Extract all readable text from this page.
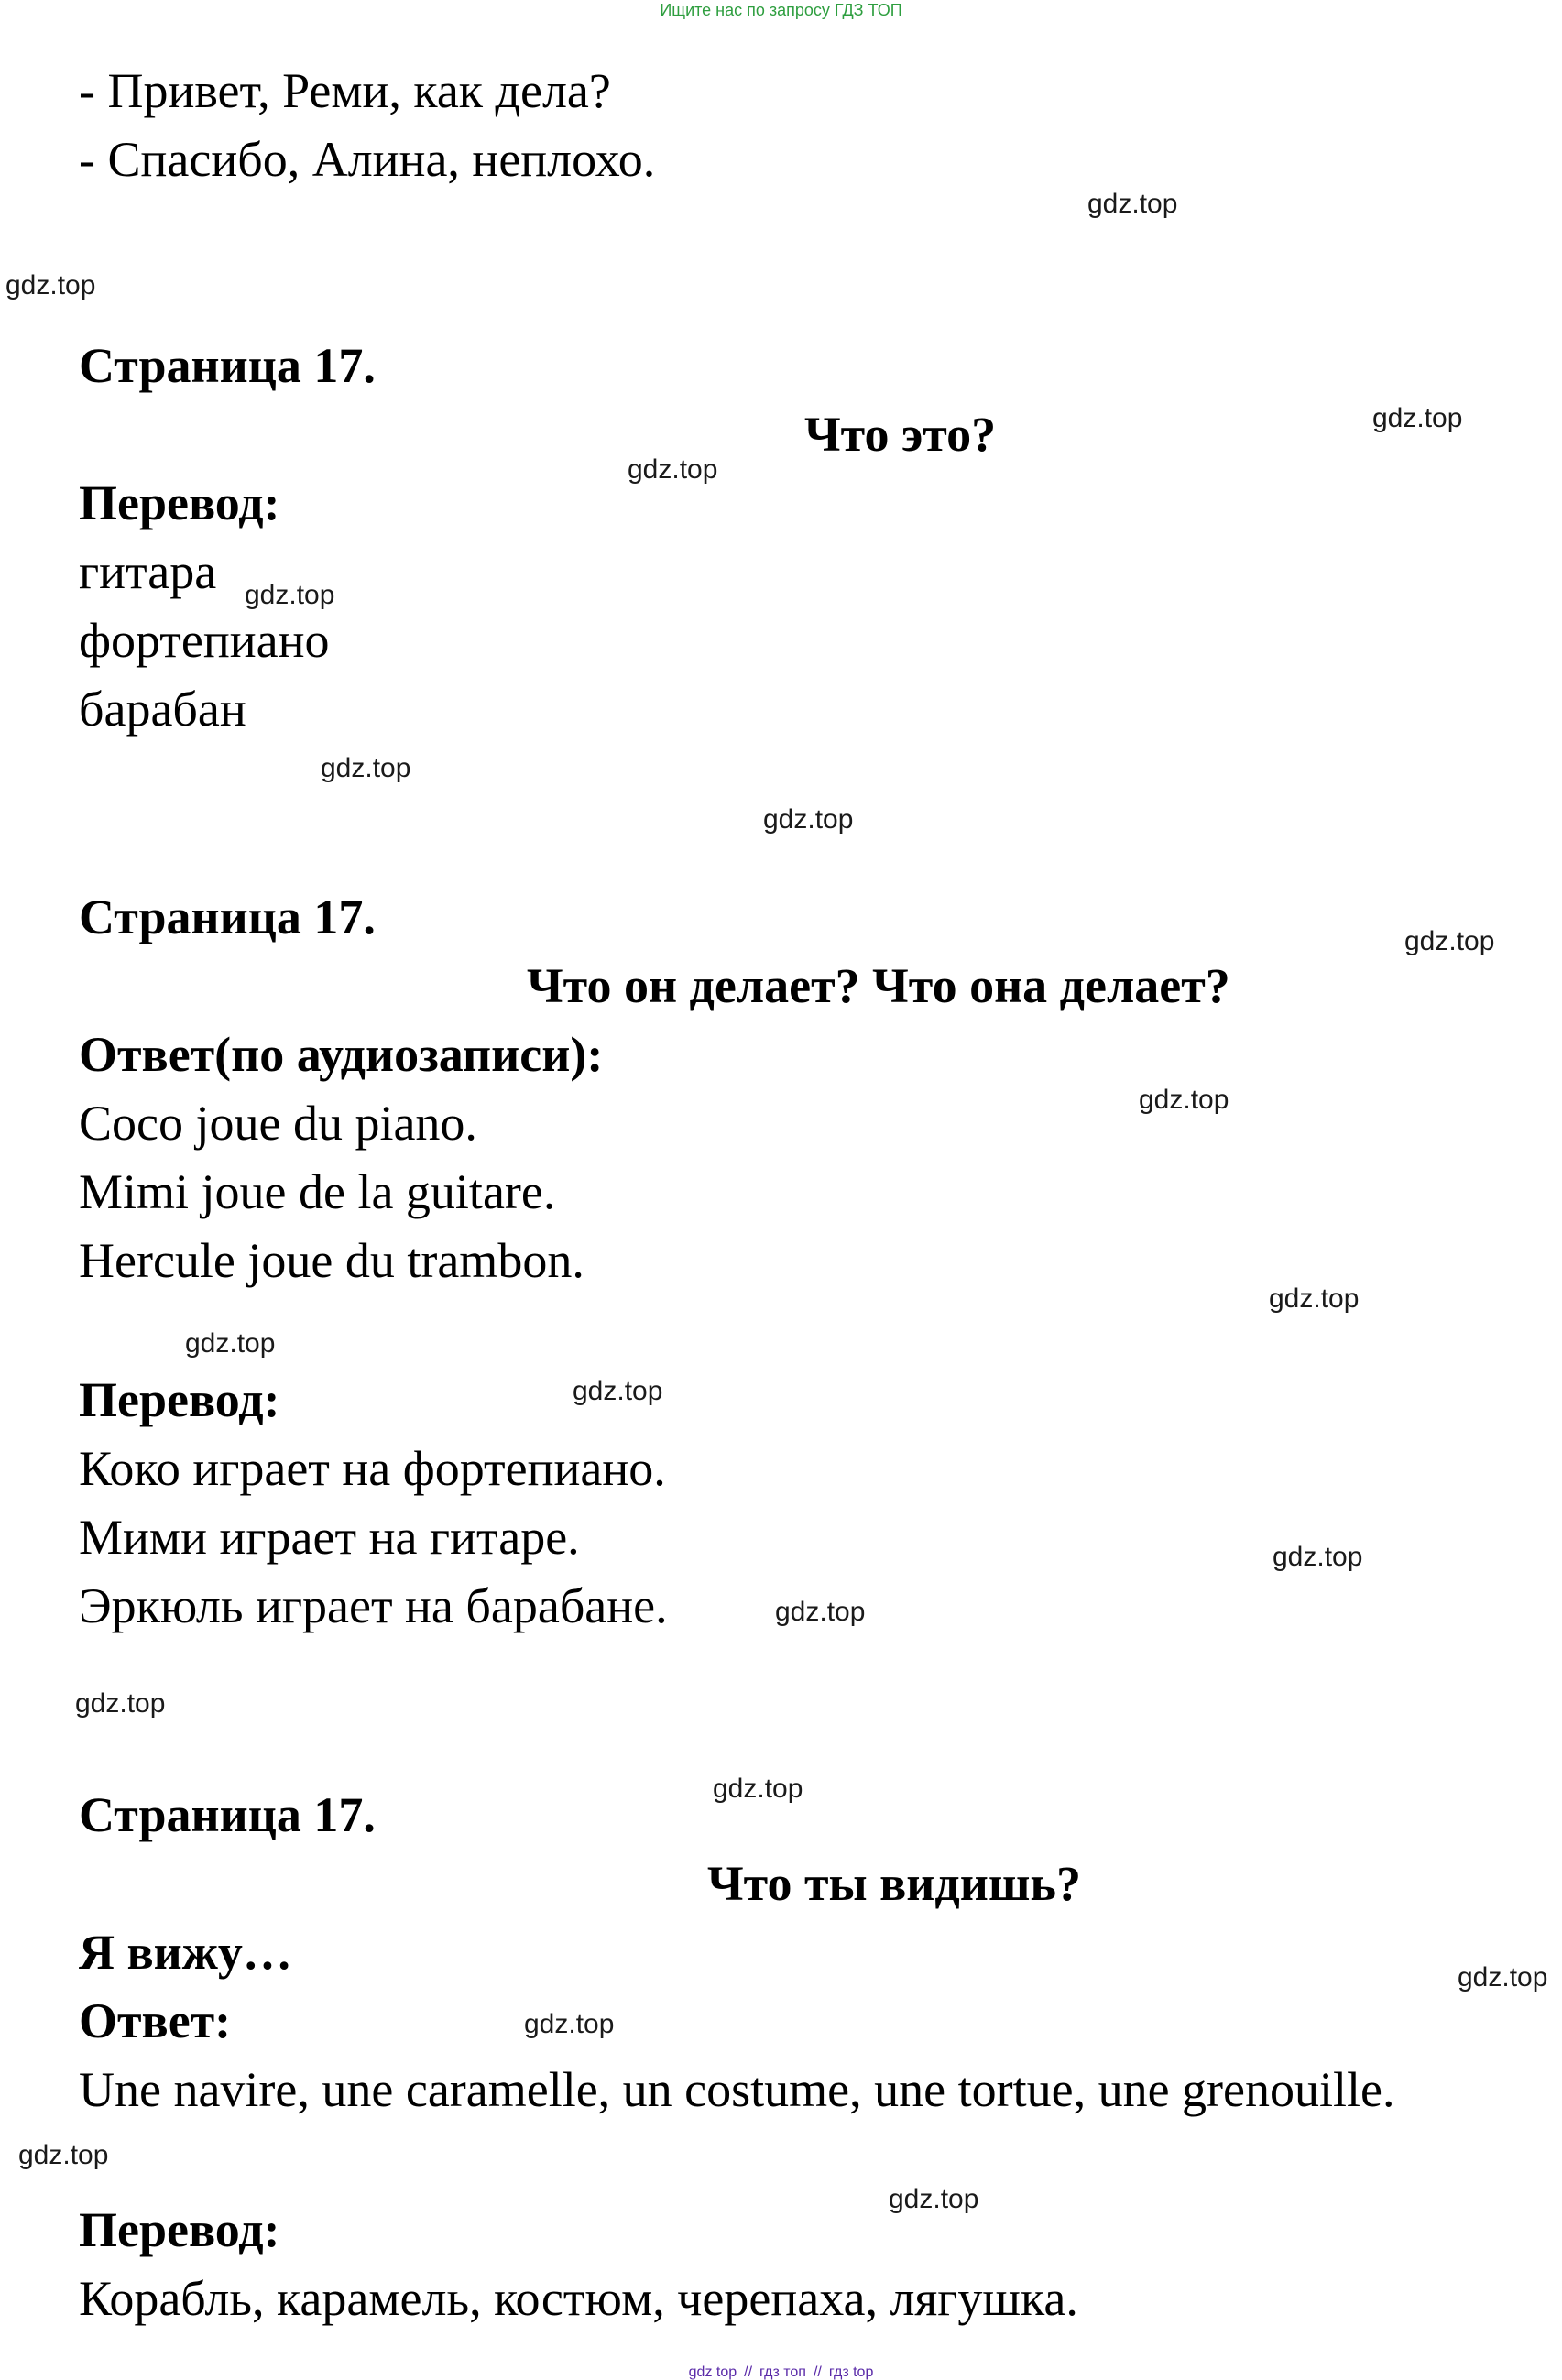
Ищите нас по запросу ГДЗ ТОП
- Привет, Реми, как дела?
- Спасибо, Алина, неплохо.
Страница 17.
Что это?
Перевод:
гитара
фортепиано
барабан
Страница 17.
Что он делает? Что она делает?
Ответ(по аудиозаписи):
Coco joue du piano.
Mimi joue de la guitare.
Hercule joue du trambon.
Перевод:
Коко играет на фортепиано.
Мими играет на гитаре.
Эркюль играет на барабане.
Страница 17.
Что ты видишь?
Я вижу…
Ответ:
Une navire, une caramelle, un costume, une tortue, une grenouille.
Перевод:
Корабль, карамель, костюм, черепаха, лягушка.
gdz.top
gdz.top
gdz.top
gdz.top
gdz.top
gdz.top
gdz.top
gdz.top
gdz.top
gdz.top
gdz.top
gdz.top
gdz.top
gdz.top
gdz.top
gdz.top
gdz.top
gdz.top
gdz.top
gdz.top
gdz top // гдз топ // гдз top
